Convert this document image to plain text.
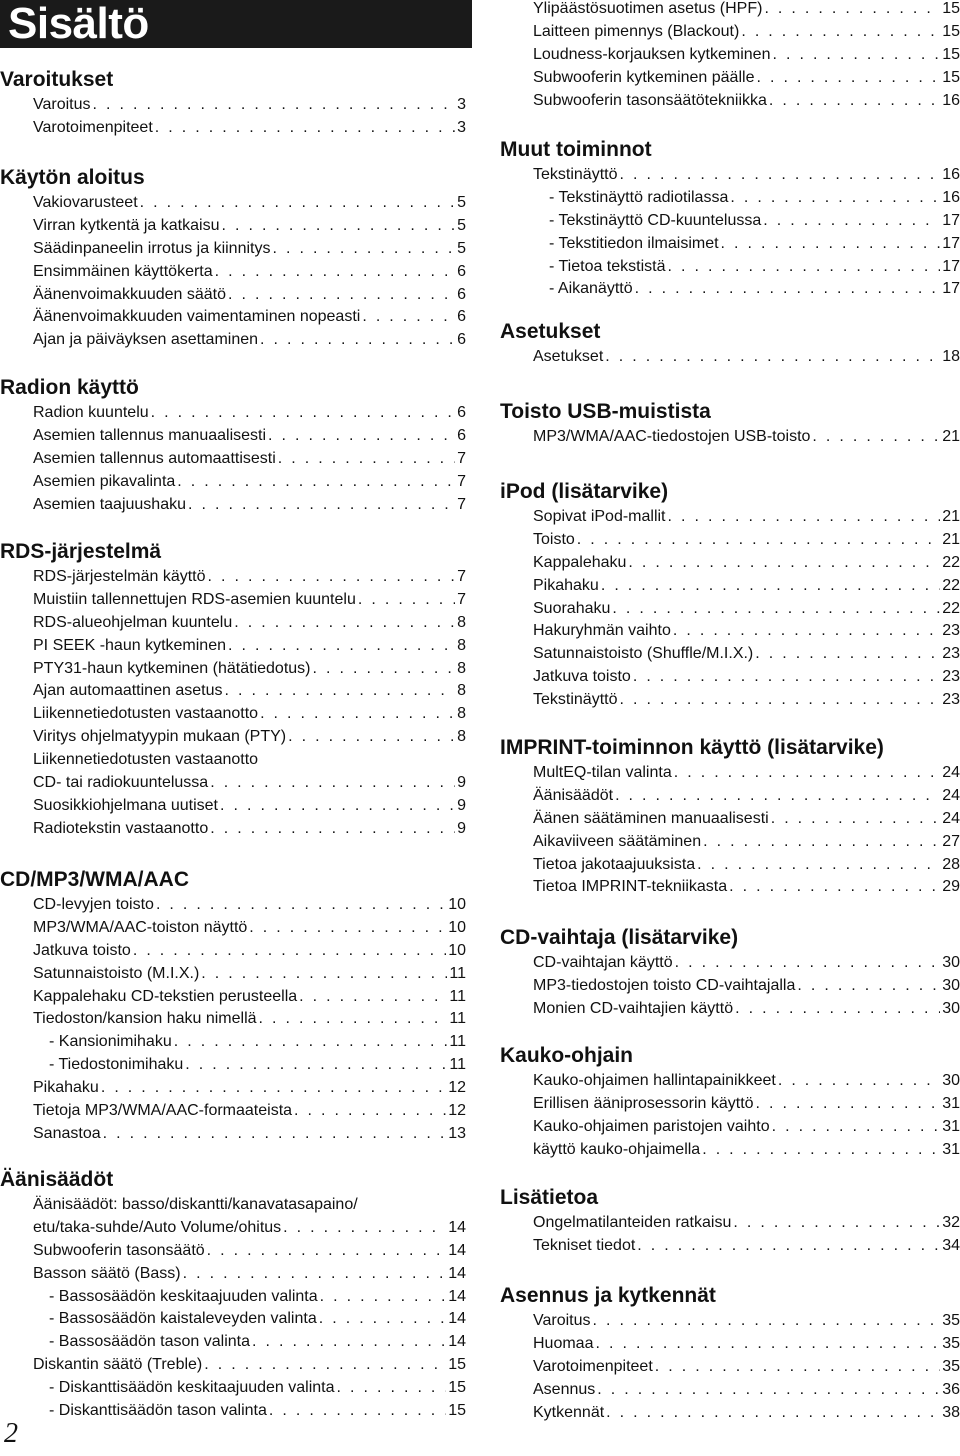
Sisältö
Varoitukset
Varoitus . . .	3
Varotoimenpiteet . . .	3
Käytön aloitus
Vakiovarusteet . . .	5
Virran kytkentä ja katkaisu . . .	5
Säädinpaneelin irrotus ja kiinnitys . . .	5
Ensimmäinen käyttökerta . . .	6
Äänenvoimakkuuden säätö . . .	6
Äänenvoimakkuuden vaimentaminen nopeasti . . .	6
Ajan ja päiväyksen asettaminen . . .	6
Radion käyttö
Radion kuuntelu . . .	6
Asemien tallennus manuaalisesti . . .	6
Asemien tallennus automaattisesti . . .	7
Asemien pikavalinta . . .	7
Asemien taajuushaku . . .	7
RDS-järjestelmä
RDS-järjestelmän käyttö . . .	7
Muistiin tallennettujen RDS-asemien kuuntelu . . .	7
RDS-alueohjelman kuuntelu . . .	8
PI SEEK -haun kytkeminen . . .	8
PTY31-haun kytkeminen (hätätiedotus) . . .	8
Ajan automaattinen asetus . . .	8
Liikennetiedotusten vastaanotto . . .	8
Viritys ohjelmatyypin mukaan (PTY) . . .	8
Liikennetiedotusten vastaanotto
CD- tai radiokuuntelussa . . .	9
Suosikkiohjelmana uutiset . . .	9
Radiotekstin vastaanotto . . .	9
CD/MP3/WMA/AAC
CD-levyjen toisto . . .	10
MP3/WMA/AAC-toiston näyttö . . .	10
Jatkuva toisto . . .	10
Satunnaistoisto (M.I.X.) . . .	11
Kappalehaku CD-tekstien perusteella . . .	11
Tiedoston/kansion haku nimellä . . .	11
- Kansionimihaku . . .	11
- Tiedostonimihaku . . .	11
Pikahaku . . .	12
Tietoja MP3/WMA/AAC-formaateista . . .	12
Sanastoa . . .	13
Äänisäädöt
Äänisäädöt: basso/diskantti/kanavatasapaino/
etu/taka-suhde/Auto Volume/ohitus . . .	14
Subwooferin tasonsäätö . . .	14
Basson säätö (Bass) . . .	14
- Bassosäädön keskitaajuuden valinta . . .	14
- Bassosäädön kaistaleveyden valinta . . .	14
- Bassosäädön tason valinta . . .	14
Diskantin säätö (Treble) . . .	15
- Diskanttisäädön keskitaajuuden valinta . . .	15
- Diskanttisäädön tason valinta . . .	15
Ylipäästösuotimen asetus (HPF) . . .	15
Laitteen pimennys (Blackout) . . .	15
Loudness-korjauksen kytkeminen . . .	15
Subwooferin kytkeminen päälle . . .	15
Subwooferin tasonsäätötekniikka . . .	16
Muut toiminnot
Tekstinäyttö . . .	16
- Tekstinäyttö radiotilassa . . .	16
- Tekstinäyttö CD-kuuntelussa . . .	17
- Tekstitiedon ilmaisimet . . .	17
- Tietoa tekstistä . . .	17
- Aikanäyttö . . .	17
Asetukset
Asetukset . . .	18
Toisto USB-muistista
MP3/WMA/AAC-tiedostojen USB-toisto . . .	21
iPod (lisätarvike)
Sopivat iPod-mallit . . .	21
Toisto . . .	21
Kappalehaku . . .	22
Pikahaku . . .	22
Suorahaku . . .	22
Hakuryhmän vaihto . . .	23
Satunnaistoisto (Shuffle/M.I.X.) . . .	23
Jatkuva toisto . . .	23
Tekstinäyttö . . .	23
IMPRINT-toiminnon käyttö (lisätarvike)
MultEQ-tilan valinta . . .	24
Äänisäädöt . . .	24
Äänen säätäminen manuaalisesti . . .	24
Aikaviiveen säätäminen . . .	27
Tietoa jakotaajuuksista . . .	28
Tietoa IMPRINT-tekniikasta . . .	29
CD-vaihtaja (lisätarvike)
CD-vaihtajan käyttö . . .	30
MP3-tiedostojen toisto CD-vaihtajalla . . .	30
Monien CD-vaihtajien käyttö . . .	30
Kauko-ohjain
Kauko-ohjaimen hallintapainikkeet . . .	30
Erillisen ääniprosessorin käyttö . . .	31
Kauko-ohjaimen paristojen vaihto . . .	31
käyttö kauko-ohjaimella . . .	31
Lisätietoa
Ongelmatilanteiden ratkaisu . . .	32
Tekniset tiedot . . .	34
Asennus ja kytkennät
Varoitus . . .	35
Huomaa . . .	35
Varotoimenpiteet . . .	35
Asennus . . .	36
Kytkennät . . .	38
2
